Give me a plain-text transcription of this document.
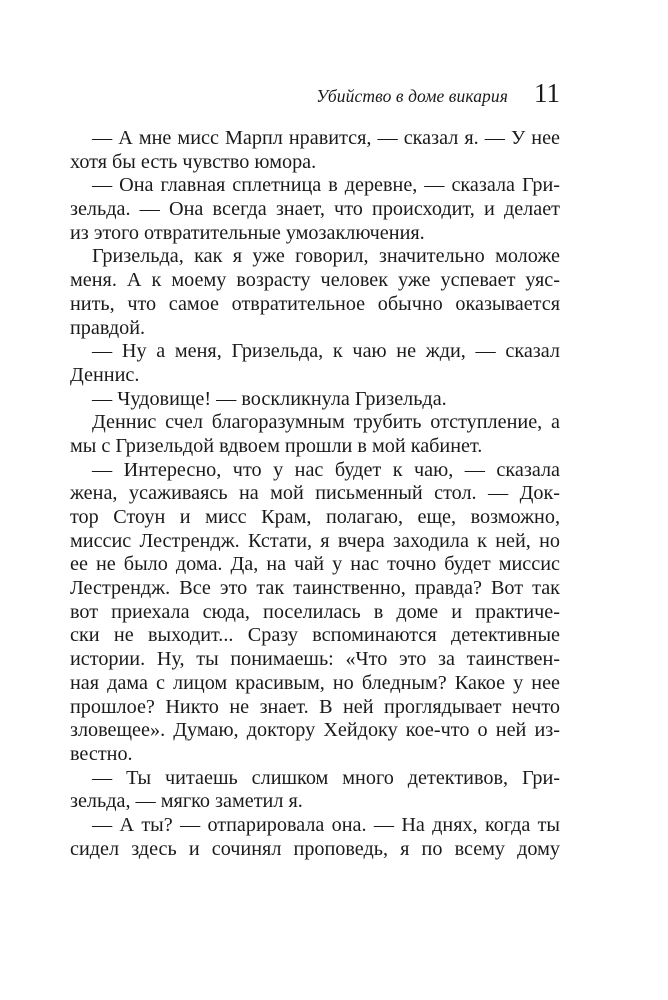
Убийство в доме викария 11
— А мне мисс Марпл нравится, — сказал я. — У нее
хотя бы есть чувство юмора.
— Она главная сплетница в деревне, — сказала Гри-
зельда. — Она всегда знает, что происходит, и делает
из этого отвратительные умозаключения.
Гризельда, как я уже говорил, значительно моложе
меня. А к моему возрасту человек уже успевает уяс-
нить, что самое отвратительное обычно оказывается
правдой.
— Ну а меня, Гризельда, к чаю не жди, — сказал
Деннис.
— Чудовище! — воскликнула Гризельда.
Деннис счел благоразумным трубить отступление, а
мы с Гризельдой вдвоем прошли в мой кабинет.
— Интересно, что у нас будет к чаю, — сказала
жена, усаживаясь на мой письменный стол. — Док-
тор Стоун и мисс Крам, полагаю, еще, возможно,
миссис Лестрендж. Кстати, я вчера заходила к ней, но
ее не было дома. Да, на чай у нас точно будет миссис
Лестрендж. Все это так таинственно, правда? Вот так
вот приехала сюда, поселилась в доме и практиче-
ски не выходит... Сразу вспоминаются детективные
истории. Ну, ты понимаешь: «Что это за таинствен-
ная дама с лицом красивым, но бледным? Какое у нее
прошлое? Никто не знает. В ней проглядывает нечто
зловещее». Думаю, доктору Хейдоку кое-что о ней из-
вестно.
— Ты читаешь слишком много детективов, Гри-
зельда, — мягко заметил я.
— А ты? — отпарировала она. — На днях, когда ты
сидел здесь и сочинял проповедь, я по всему дому
